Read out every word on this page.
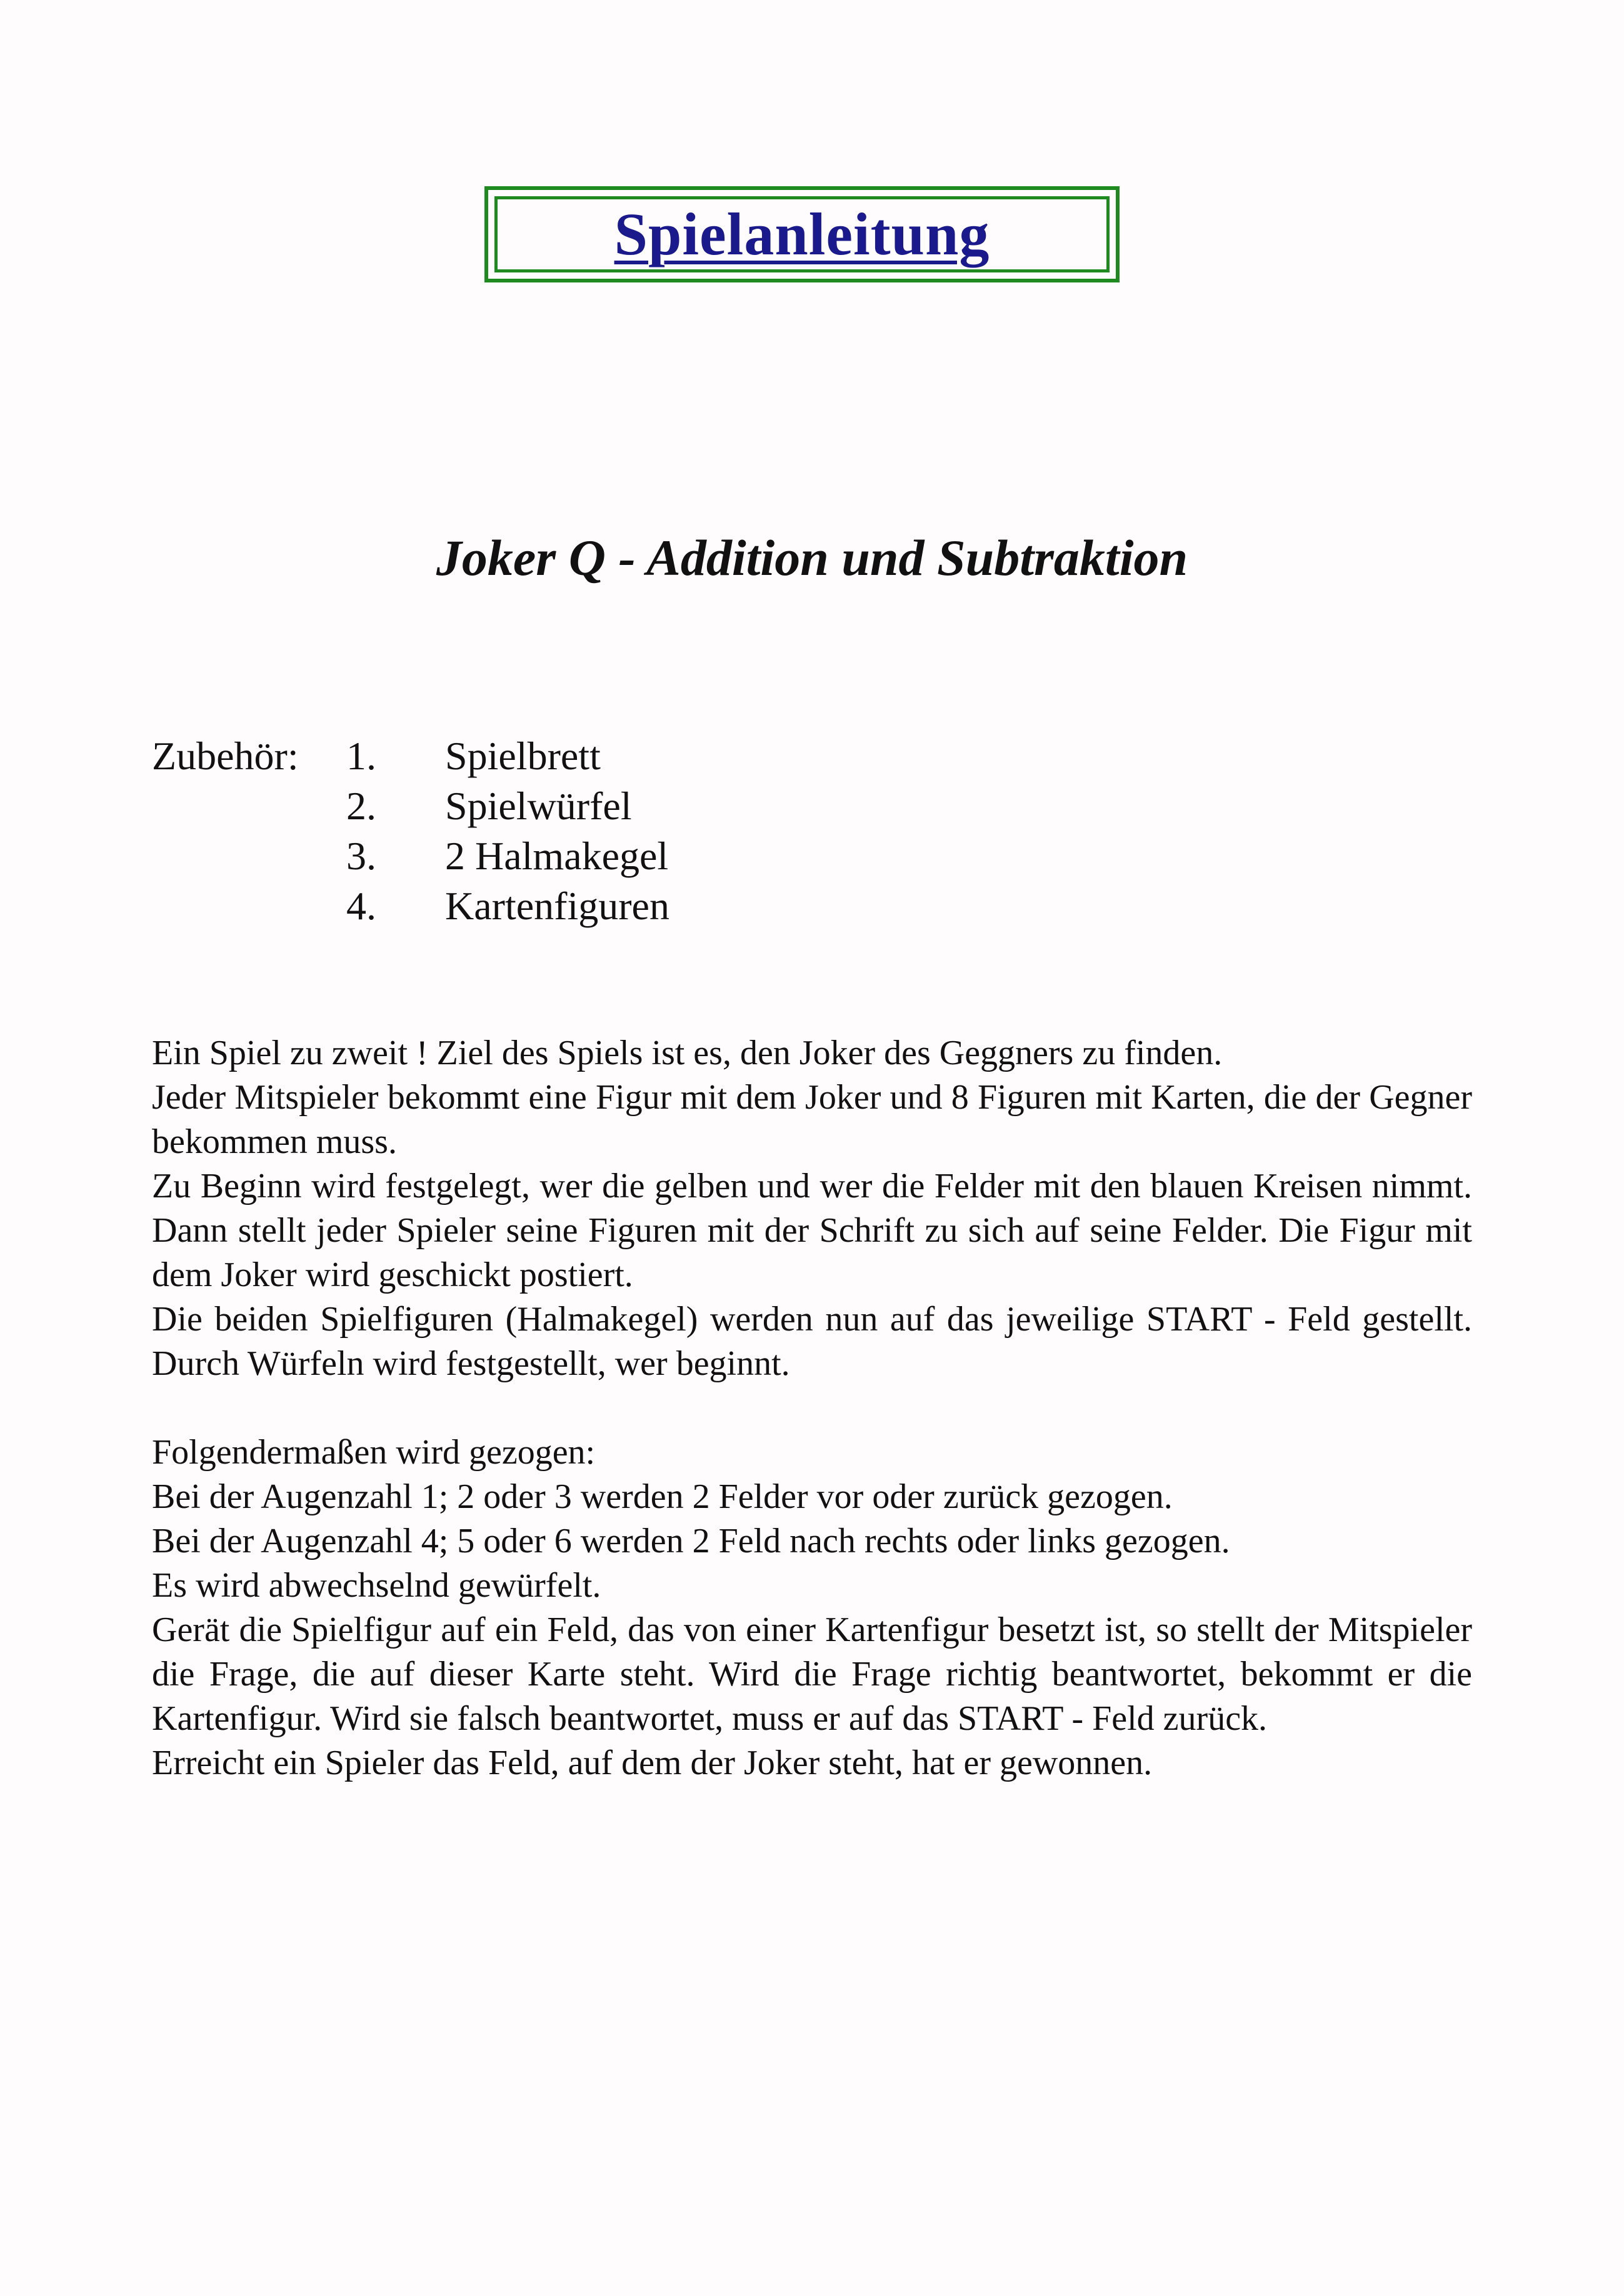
Spielanleitung
Joker Q - Addition und Subtraktion
Zubehör: 1. Spielbrett
2. Spielwürfel
3. 2 Halmakegel
4. Kartenfiguren

Ein Spiel zu zweit ! Ziel des Spiels ist es, den Joker des Geggners zu finden.

Jeder Mitspieler bekommt eine Figur mit dem Joker und 8 Figuren mit Karten, die der Gegner bekommen muss.

Zu Beginn wird festgelegt, wer die gelben und wer die Felder mit den blauen Kreisen nimmt. Dann stellt jeder Spieler seine Figuren mit der Schrift zu sich auf seine Felder. Die Figur mit dem Joker wird geschickt postiert.

Die beiden Spielfiguren (Halmakegel) werden nun auf das jeweilige START - Feld gestellt. Durch Würfeln wird festgestellt, wer beginnt.

Folgendermaßen wird gezogen:

Bei der Augenzahl 1; 2 oder 3 werden 2 Felder vor oder zurück gezogen.

Bei der Augenzahl 4; 5 oder 6 werden 2 Feld nach rechts oder links gezogen.

Es wird abwechselnd gewürfelt.

Gerät die Spielfigur auf ein Feld, das von einer Kartenfigur besetzt ist, so stellt der Mitspieler die Frage, die auf dieser Karte steht. Wird die Frage richtig beantwortet, bekommt er die Kartenfigur. Wird sie falsch beantwortet, muss er auf das START - Feld zurück.

Erreicht ein Spieler das Feld, auf dem der Joker steht, hat er gewonnen.
